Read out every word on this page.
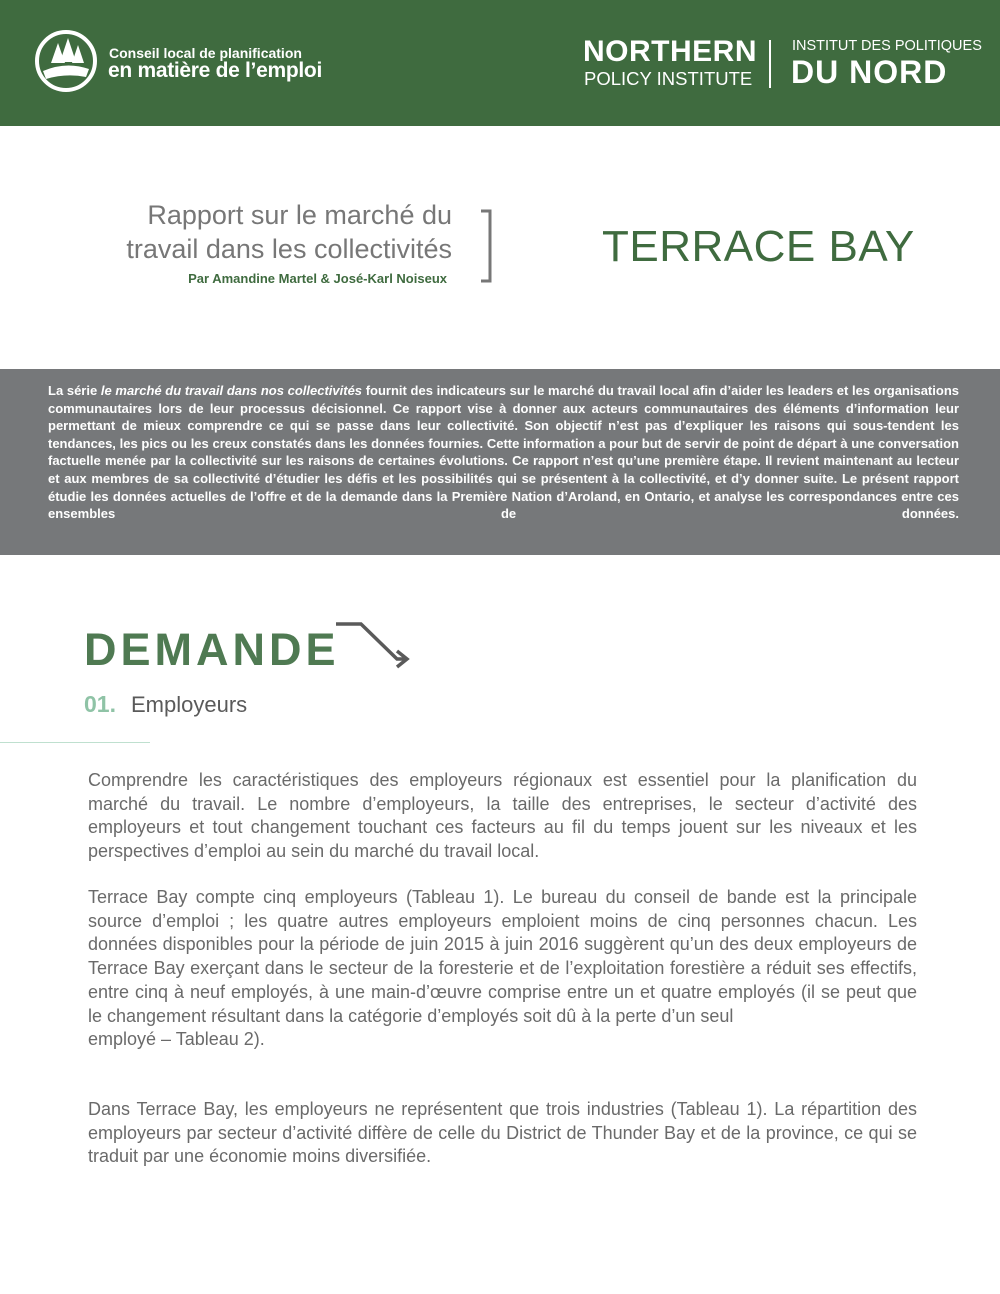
Conseil local de planification
en matière de l’emploi
NORTHERN
POLICY INSTITUTE
INSTITUT DES POLITIQUES
DU NORD
Rapport sur le marché du
travail dans les collectivités
Par Amandine Martel & José-Karl Noiseux
TERRACE BAY
La série le marché du travail dans nos collectivités fournit des indicateurs sur le marché du travail local afin d’aider les leaders et les organisations communautaires lors de leur processus décisionnel. Ce rapport vise à donner aux acteurs communautaires des éléments d’information leur permettant de mieux comprendre ce qui se passe dans leur collectivité. Son objectif n’est pas d’expliquer les raisons qui sous-tendent les tendances, les pics ou les creux constatés dans les données fournies. Cette information a pour but de servir de point de départ à une conversation factuelle menée par la collectivité sur les raisons de certaines évolutions. Ce rapport n’est qu’une première étape. Il revient maintenant au lecteur et aux membres de sa collectivité d’étudier les défis et les possibilités qui se présentent à la collectivité, et d’y donner suite. Le présent rapport étudie les données actuelles de l’offre et de la demande dans la Première Nation d’Aroland, en Ontario, et analyse les correspondances entre ces ensembles de données.
DEMANDE
01. Employeurs
Comprendre les caractéristiques des employeurs régionaux est essentiel pour la planification du marché du travail. Le nombre d’employeurs, la taille des entreprises, le secteur d’activité des employeurs et tout changement touchant ces facteurs au fil du temps jouent sur les niveaux et les perspectives d’emploi au sein du marché du travail local.
Terrace Bay compte cinq employeurs (Tableau 1). Le bureau du conseil de bande est la principale source d’emploi ; les quatre autres employeurs emploient moins de cinq personnes chacun. Les données disponibles pour la période de juin 2015 à juin 2016 suggèrent qu’un des deux employeurs de Terrace Bay exerçant dans le secteur de la foresterie et de l’exploitation forestière a réduit ses effectifs, entre cinq à neuf employés, à une main-d’œuvre comprise entre un et quatre employés (il se peut que le changement résultant dans la catégorie d’employés soit dû à la perte d’un seul
employé – Tableau 2).
Dans Terrace Bay, les employeurs ne représentent que trois industries (Tableau 1). La répartition des employeurs par secteur d’activité diffère de celle du District de Thunder Bay et de la province, ce qui se traduit par une économie moins diversifiée.
